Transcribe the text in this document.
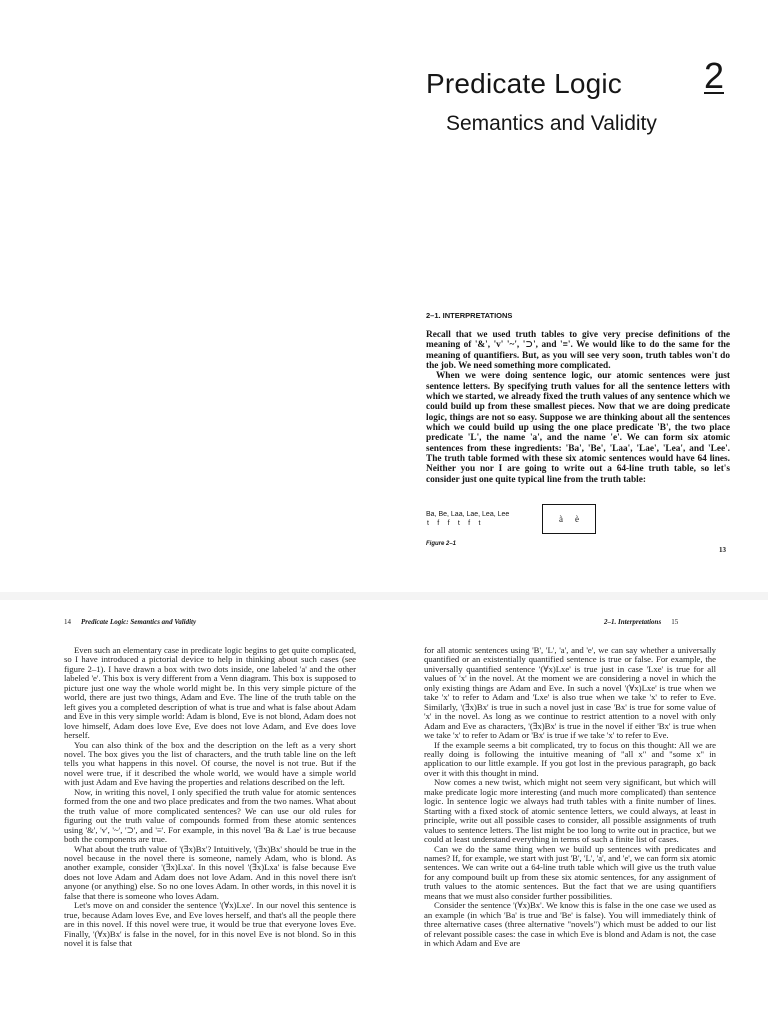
Predicate Logic 2
Semantics and Validity
2–1. INTERPRETATIONS

Recall that we used truth tables to give very precise definitions of the meaning of '&', 'v' '~', '⊃', and '≡'. We would like to do the same for the meaning of quantifiers. But, as you will see very soon, truth tables won't do the job. We need something more complicated.

When we were doing sentence logic, our atomic sentences were just sentence letters. By specifying truth values for all the sentence letters with which we started, we already fixed the truth values of any sentence which we could build up from these smallest pieces. Now that we are doing predicate logic, things are not so easy. Suppose we are thinking about all the sentences which we could build up using the one place predicate 'B', the two place predicate 'L', the name 'a', and the name 'e'. We can form six atomic sentences from these ingredients: 'Ba', 'Be', 'Laa', 'Lae', 'Lea', and 'Lee'. The truth table formed with these six atomic sentences would have 64 lines. Neither you nor I are going to write out a 64-line truth table, so let's consider just one quite typical line from the truth table:

Ba, Be, Laa, Lae, Lea, Lee
t f f t f t	à è
Figure 2–1
13
14 Predicate Logic: Semantics and Validity	2–1. Interpretations 15

Even such an elementary case in predicate logic begins to get quite complicated, so I have introduced a pictorial device to help in thinking about such cases (see figure 2–1). I have drawn a box with two dots inside, one labeled 'a' and the other labeled 'e'. This box is very different from a Venn diagram. This box is supposed to picture just one way the whole world might be. In this very simple picture of the world, there are just two things, Adam and Eve. The line of the truth table on the left gives you a completed description of what is true and what is false about Adam and Eve in this very simple world: Adam is blond, Eve is not blond, Adam does not love himself, Adam does love Eve, Eve does not love Adam, and Eve does love herself.

You can also think of the box and the description on the left as a very short novel. The box gives you the list of characters, and the truth table line on the left tells you what happens in this novel. Of course, the novel is not true. But if the novel were true, if it described the whole world, we would have a simple world with just Adam and Eve having the properties and relations described on the left.

Now, in writing this novel, I only specified the truth value for atomic sentences formed from the one and two place predicates and from the two names. What about the truth value of more complicated sentences? We can use our old rules for figuring out the truth value of compounds formed from these atomic sentences using '&', 'v', '~', '⊃', and '≡'. For example, in this novel 'Ba & Lae' is true because both the components are true.

What about the truth value of '(∃x)Bx'? Intuitively, '(∃x)Bx' should be true in the novel because in the novel there is someone, namely Adam, who is blond. As another example, consider '(∃x)Lxa'. In this novel '(∃x)Lxa' is false because Eve does not love Adam and Adam does not love Adam. And in this novel there isn't anyone (or anything) else. So no one loves Adam. In other words, in this novel it is false that there is someone who loves Adam.

Let's move on and consider the sentence '(∀x)Lxe'. In our novel this sentence is true, because Adam loves Eve, and Eve loves herself, and that's all the people there are in this novel. If this novel were true, it would be true that everyone loves Eve. Finally, '(∀x)Bx' is false in the novel, for in this novel Eve is not blond. So in this novel it is false that

for all atomic sentences using 'B', 'L', 'a', and 'e', we can say whether a universally quantified or an existentially quantified sentence is true or false. For example, the universally quantified sentence '(∀x)Lxe' is true just in case 'Lxe' is true for all values of 'x' in the novel. At the moment we are considering a novel in which the only existing things are Adam and Eve. In such a novel '(∀x)Lxe' is true when we take 'x' to refer to Adam and 'Lxe' is also true when we take 'x' to refer to Eve. Similarly, '(∃x)Bx' is true in such a novel just in case 'Bx' is true for some value of 'x' in the novel. As long as we continue to restrict attention to a novel with only Adam and Eve as characters, '(∃x)Bx' is true in the novel if either 'Bx' is true when we take 'x' to refer to Adam or 'Bx' is true if we take 'x' to refer to Eve.

If the example seems a bit complicated, try to focus on this thought: All we are really doing is following the intuitive meaning of "all x" and "some x" in application to our little example. If you got lost in the previous paragraph, go back over it with this thought in mind.

Now comes a new twist, which might not seem very significant, but which will make predicate logic more interesting (and much more complicated) than sentence logic. In sentence logic we always had truth tables with a finite number of lines. Starting with a fixed stock of atomic sentence letters, we could always, at least in principle, write out all possible cases to consider, all possible assignments of truth values to sentence letters. The list might be too long to write out in practice, but we could at least understand everything in terms of such a finite list of cases.

Can we do the same thing when we build up sentences with predicates and names? If, for example, we start with just 'B', 'L', 'a', and 'e', we can form six atomic sentences. We can write out a 64-line truth table which will give us the truth value for any compound built up from these six atomic sentences, for any assignment of truth values to the atomic sentences. But the fact that we are using quantifiers means that we must also consider further possibilities.

Consider the sentence '(∀x)Bx'. We know this is false in the one case we used as an example (in which 'Ba' is true and 'Be' is false). You will immediately think of three alternative cases (three alternative "novels") which must be added to our list of relevant possible cases: the case in which Eve is blond and Adam is not, the case in which Adam and Eve are
